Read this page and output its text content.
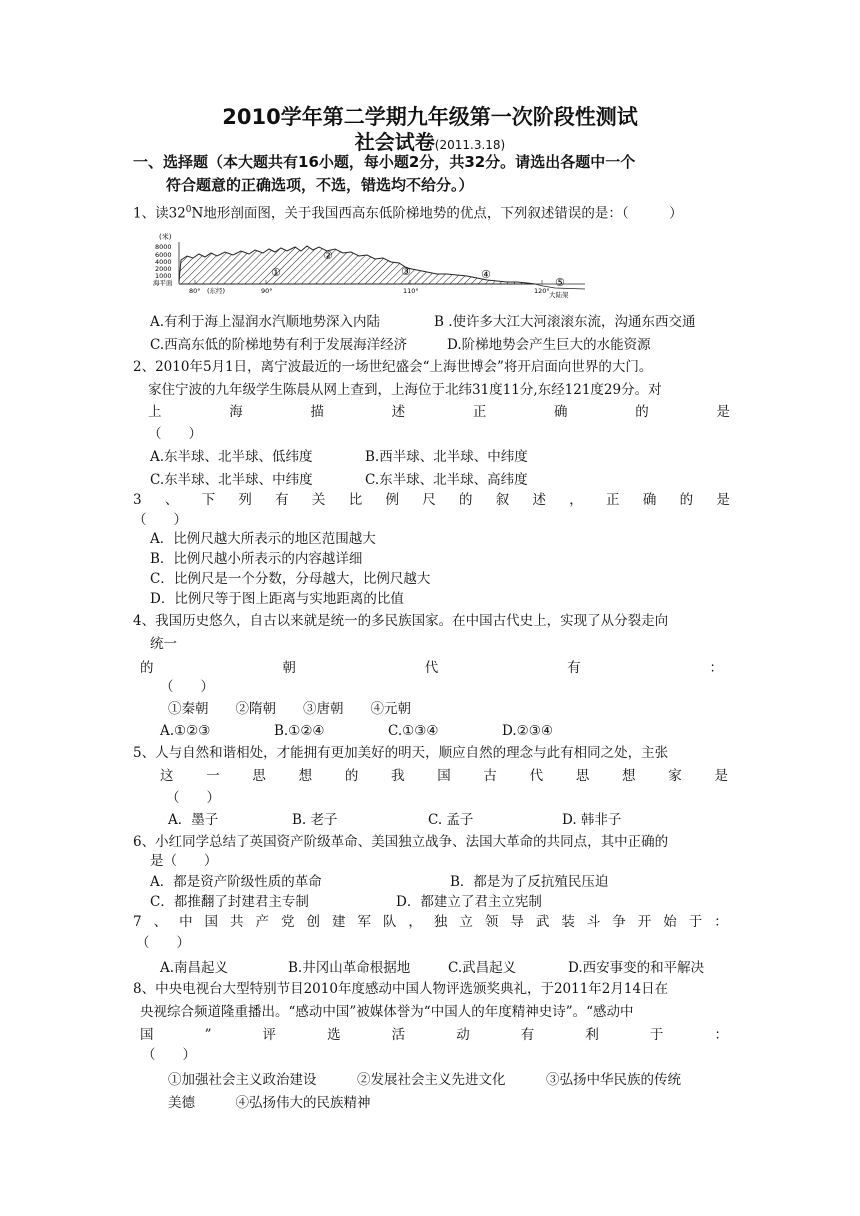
2010学年第二学期九年级第一次阶段性测试
社会试卷(2011.3.18)
一、选择题（本大题共有16小题，每小题2分，共32分。请选出各题中一个
符合题意的正确选项，不选，错选均不给分。）
1、读$32^0N$地形剖面图，关于我国西高东低阶梯地势的优点，下列叙述错误的是：（　　　）
(米)
8000
6000
4000
2000
1000
海平面
80° (东经)	90°	110°	120°
①
②
③	④
⑤
大陆架
A.有利于海上湿润水汽顺地势深入内陆	B .使许多大江大河滚滚东流，沟通东西交通
C.西高东低的阶梯地势有利于发展海洋经济	D.阶梯地势会产生巨大的水能资源
2、2010年5月1日，离宁波最近的一场世纪盛会“上海世博会”将开启面向世界的大门。
家住宁波的九年级学生陈晨从网上查到，上海位于北纬31度11分,东经121度29分。对
上	海	描	述	正	确	的	是
（　　）
A.东半球、北半球、低纬度	B.西半球、北半球、中纬度
C.东半球、北半球、中纬度	C.东半球、北半球、高纬度
3 、 下 列 有 关 比 例 尺 的 叙 述 ， 正 确 的 是
（　　）
A．比例尺越大所表示的地区范围越大
B．比例尺越小所表示的内容越详细
C．比例尺是一个分数，分母越大，比例尺越大
D．比例尺等于图上距离与实地距离的比值
4、我国历史悠久，自古以来就是统一的多民族国家。在中国古代史上，实现了从分裂走向
统一
的	朝	代	有	：
（　　）
①秦朝　　②隋朝　　③唐朝　　④元朝
A.①②③	B.①②④	C.①③④	D.②③④
5、人与自然和谐相处，才能拥有更加美好的明天，顺应自然的理念与此有相同之处，主张
这 一 思 想 的 我 国 古 代 思 想 家 是
（　　）
A．墨子	B. 老子	C. 孟子	D. 韩非子
6、小红同学总结了英国资产阶级革命、美国独立战争、法国大革命的共同点，其中正确的
是（　　）
A．都是资产阶级性质的革命	B．都是为了反抗殖民压迫
C．都推翻了封建君主专制	D．都建立了君主立宪制
7 、 中 国 共 产 党 创 建 军 队 ， 独 立 领 导 武 装 斗 争 开 始 于 ：
（　　）
A.南昌起义	B.井冈山革命根据地	C.武昌起义	D.西安事变的和平解决
8、中央电视台大型特别节目2010年度感动中国人物评选颁奖典礼，于2011年2月14日在
央视综合频道隆重播出。“感动中国”被媒体誉为“中国人的年度精神史诗”。“感动中
国	”	评	选	活	动	有	利	于	：
（　　）
①加强社会主义政治建设　　　②发展社会主义先进文化　　　③弘扬中华民族的传统
美德　　　④弘扬伟大的民族精神
